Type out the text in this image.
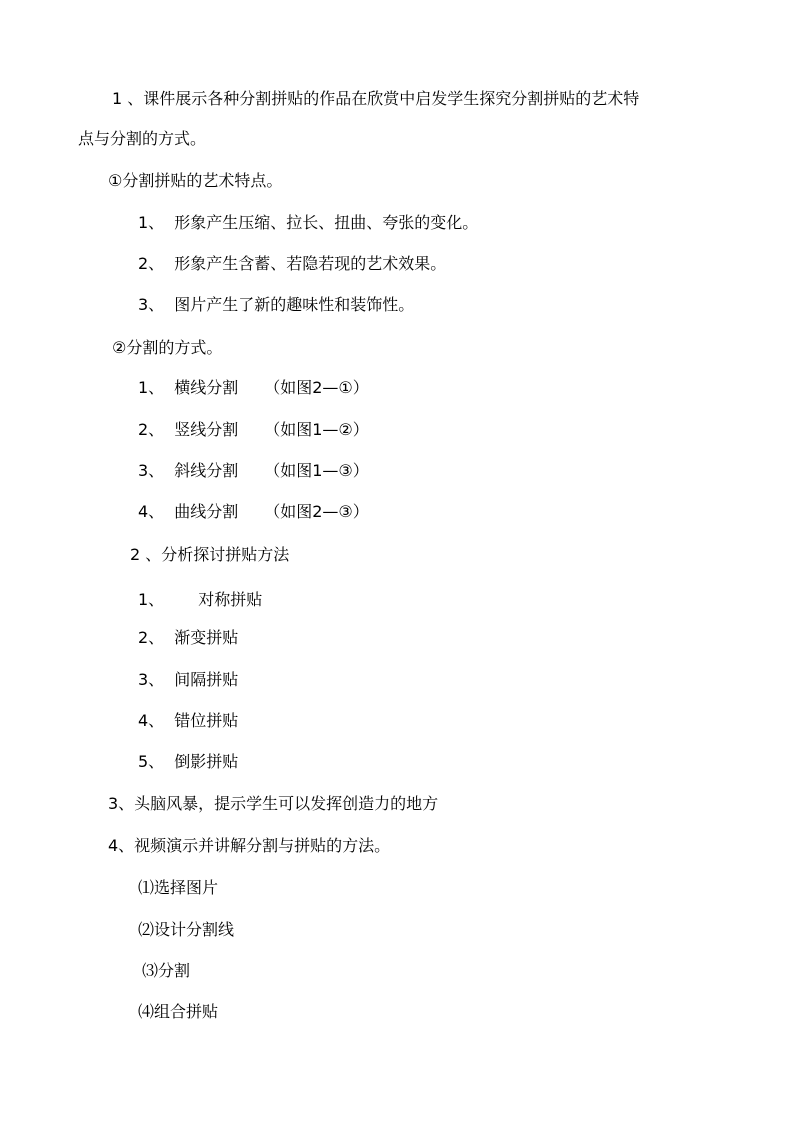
1 、课件展示各种分割拼贴的作品在欣赏中启发学生探究分割拼贴的艺术特
点与分割的方式。
①分割拼贴的艺术特点。
1、 形象产生压缩、拉长、扭曲、夸张的变化。
2、 形象产生含蓄、若隐若现的艺术效果。
3、 图片产生了新的趣味性和装饰性。
②分割的方式。
1、 横线分割 （如图2—①）
2、 竖线分割 （如图1—②）
3、 斜线分割 （如图1—③）
4、 曲线分割 （如图2—③）
2 、分析探讨拼贴方法
1、 对称拼贴
2、 渐变拼贴
3、 间隔拼贴
4、 错位拼贴
5、 倒影拼贴
3、头脑风暴，提示学生可以发挥创造力的地方
4、视频演示并讲解分割与拼贴的方法。
⑴选择图片
⑵设计分割线
⑶分割
⑷组合拼贴
